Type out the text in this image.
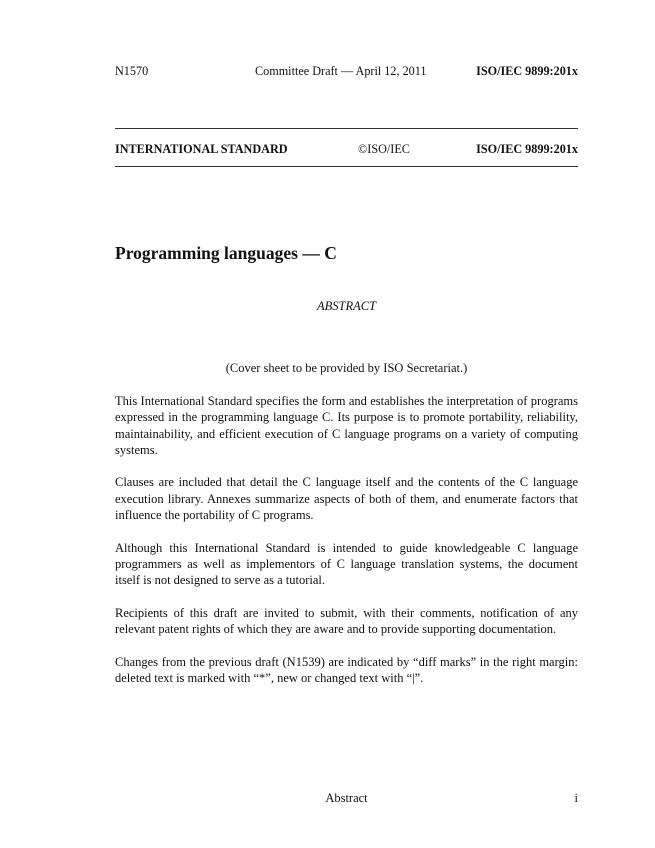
N1570	Committee Draft — April 12, 2011	ISO/IEC 9899:201x
INTERNATIONAL STANDARD	©ISO/IEC	ISO/IEC 9899:201x
Programming languages — C
ABSTRACT
(Cover sheet to be provided by ISO Secretariat.)

This International Standard specifies the form and establishes the interpretation of programs expressed in the programming language C. Its purpose is to promote portability, reliability, maintainability, and efficient execution of C language programs on a variety of computing systems.

Clauses are included that detail the C language itself and the contents of the C language execution library. Annexes summarize aspects of both of them, and enumerate factors that influence the portability of C programs.

Although this International Standard is intended to guide knowledgeable C language programmers as well as implementors of C language translation systems, the document itself is not designed to serve as a tutorial.

Recipients of this draft are invited to submit, with their comments, notification of any relevant patent rights of which they are aware and to provide supporting documentation.

Changes from the previous draft (N1539) are indicated by “diff marks” in the right margin: deleted text is marked with “*”, new or changed text with “|”.

Abstract	i
